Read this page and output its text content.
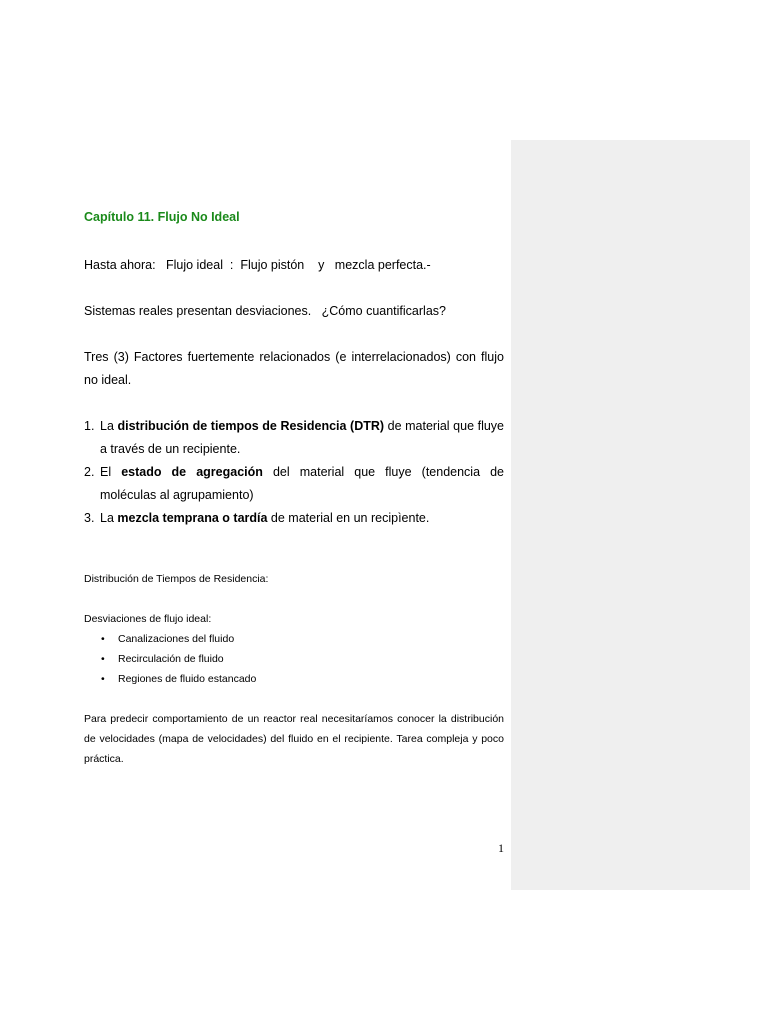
Capítulo 11. Flujo No Ideal
Hasta ahora:   Flujo ideal  :  Flujo pistón    y   mezcla perfecta.-
Sistemas reales presentan desviaciones.   ¿Cómo cuantificarlas?
Tres (3) Factores fuertemente relacionados (e interrelacionados) con flujo no ideal.
1. La distribución de tiempos de Residencia (DTR) de material que fluye a través de un recipiente.
2. El estado de agregación del material que fluye (tendencia de moléculas al agrupamiento)
3. La mezcla temprana o tardía de material en un recipìente.
Distribución de Tiempos de Residencia:
Desviaciones de flujo ideal:
• Canalizaciones del fluido
• Recirculación de fluido
• Regiones de fluido estancado
Para predecir comportamiento de un reactor real necesitaríamos conocer la distribución de velocidades (mapa de velocidades) del fluido en el recipiente. Tarea compleja y poco práctica.
1
